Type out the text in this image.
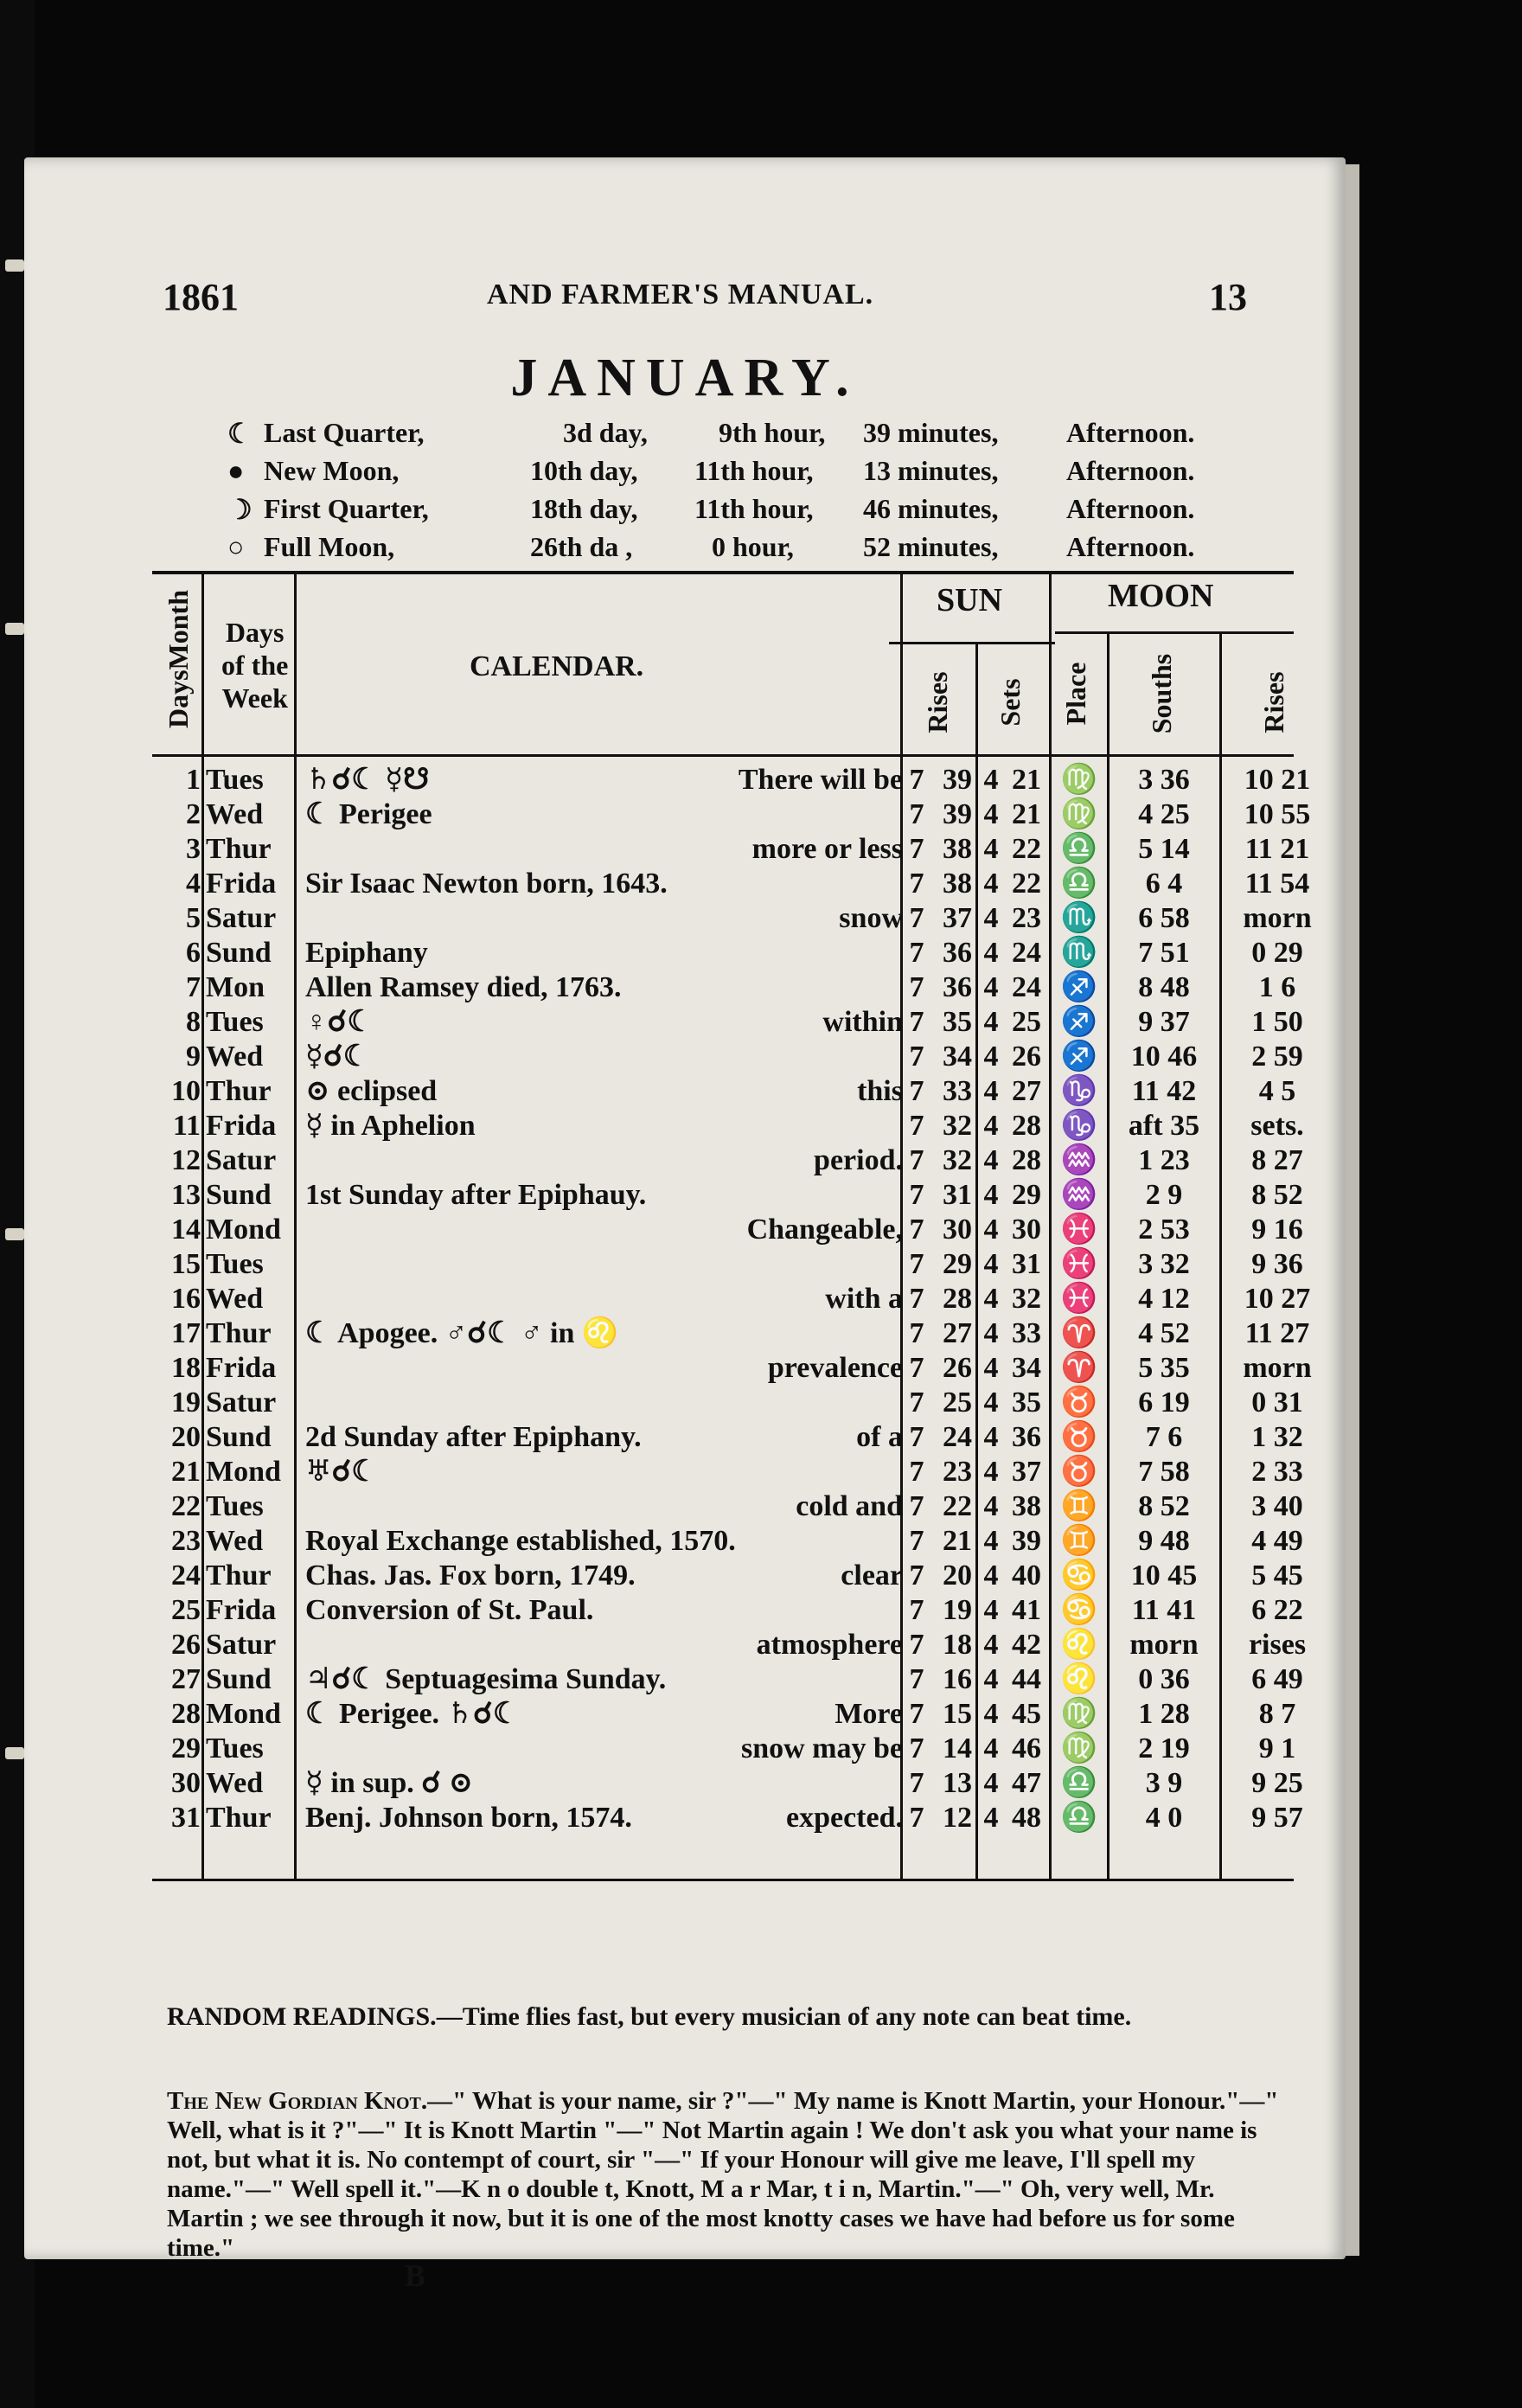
1861	AND FARMER'S MANUAL.	13
JANUARY.
☾ Last Quarter,	3d day,	9th hour, 39 minutes, Afternoon.
● New Moon,	10th day, 11th hour, 13 minutes, Afternoon.
☽ First Quarter,	18th day, 11th hour, 46 minutes, Afternoon.
○ Full Moon,	26th da ,	0 hour,	52 minutes, Afternoon.
DaysMonth Days
of the
Week
CALENDAR.
SUN	MOON
Rises Sets Place Souths	Rises
1 Tues ♄☌☾ ☿☋	There will be 7 39 4 21 ♍	3 36	10 21
2 Wed ☾ Perigee	7 39 4 21 ♍	4 25	10 55
3 Thur	more or less 7 38 4 22 ♎	5 14	11 21
4 Frida Sir Isaac Newton born, 1643.	7 38 4 22 ♎	6 4	11 54
5 Satur	snow 7 37 4 23 ♏	6 58	morn
6 Sund Epiphany	7 36 4 24 ♏	7 51	0 29
7 Mon Allen Ramsey died, 1763.	7 36 4 24 ♐	8 48	1 6
8 Tues ♀☌☾	within 7 35 4 25 ♐	9 37	1 50
9 Wed ☿☌☾	7 34 4 26 ♐	10 46	2 59
10 Thur ⊙ eclipsed	this 7 33 4 27 ♑	11 42	4 5
11 Frida ☿ in Aphelion	7 32 4 28 ♑	aft 35	sets.
12 Satur	period. 7 32 4 28 ♒	1 23	8 27
13 Sund 1st Sunday after Epiphauy.	7 31 4 29 ♒	2 9	8 52
14 Mond	Changeable, 7 30 4 30 ♓	2 53	9 16
15 Tues	7 29 4 31 ♓	3 32	9 36
16 Wed	with a 7 28 4 32 ♓	4 12	10 27
17 Thur ☾ Apogee. ♂☌☾ ♂ in ♌	7 27 4 33 ♈	4 52	11 27
18 Frida	prevalence 7 26 4 34 ♈	5 35	morn
19 Satur	7 25 4 35 ♉	6 19	0 31
20 Sund 2d Sunday after Epiphany.	of a 7 24 4 36 ♉	7 6	1 32
21 Mond ♅☌☾	7 23 4 37 ♉	7 58	2 33
22 Tues	cold and 7 22 4 38 ♊	8 52	3 40
23 Wed Royal Exchange established, 1570.	7 21 4 39 ♊	9 48	4 49
24 Thur Chas. Jas. Fox born, 1749.	clear 7 20 4 40 ♋	10 45	5 45
25 Frida Conversion of St. Paul.	7 19 4 41 ♋	11 41	6 22
26 Satur	atmosphere 7 18 4 42 ♌	morn	rises
27 Sund ♃☌☾ Septuagesima Sunday.	7 16 4 44 ♌	0 36	6 49
28 Mond ☾ Perigee. ♄☌☾	More 7 15 4 45 ♍	1 28	8 7
29 Tues	snow may be 7 14 4 46 ♍	2 19	9 1
30 Wed ☿ in sup. ☌ ⊙	7 13 4 47 ♎	3 9	9 25
31 Thur Benj. Johnson born, 1574.	expected. 7 12 4 48 ♎	4 0	9 57
RANDOM READINGS.—Time flies fast, but every musician of any note can beat time.
The New Gordian Knot.—" What is your name, sir ?"—" My name is Knott Martin, your Honour."—" Well, what is it ?"—" It is Knott Martin "—" Not Martin again ! We don't ask you what your name is not, but what it is. No contempt of court, sir "—" If your Honour will give me leave, I'll spell my name."—" Well spell it."—K n o double t, Knott, M a r Mar, t i n, Martin."—" Oh, very well, Mr. Martin ; we see through it now, but it is one of the most knotty cases we have had before us for some time."
B
